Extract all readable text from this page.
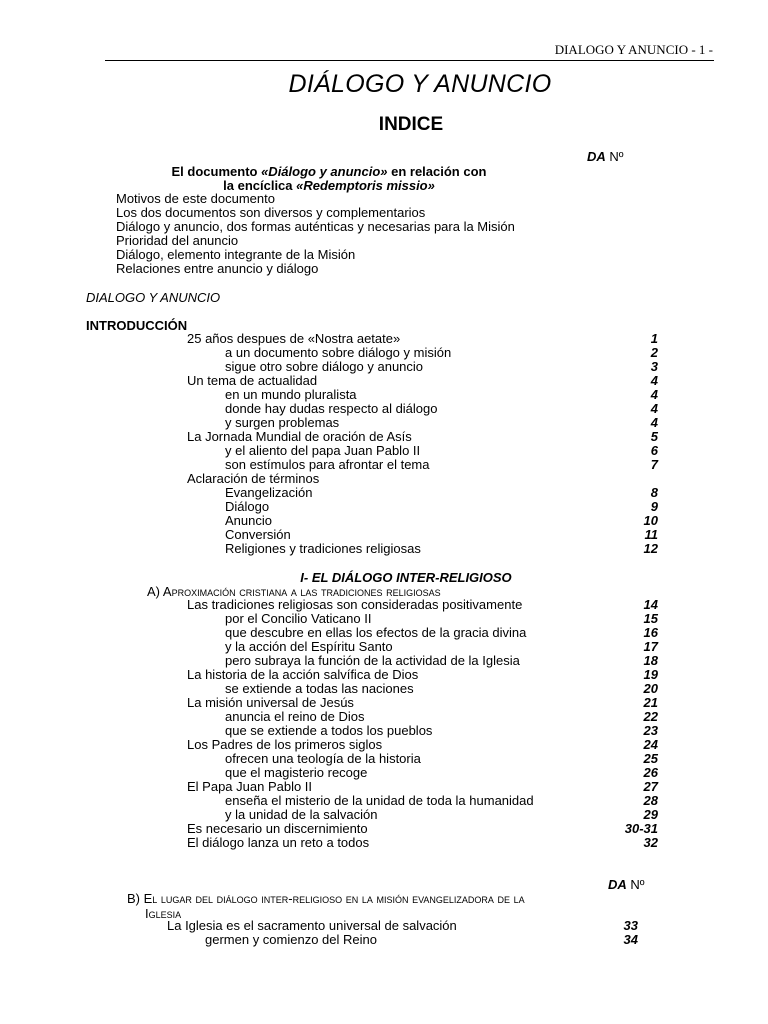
DIALOGO Y ANUNCIO - 1 -
DIÁLOGO Y ANUNCIO
INDICE
DA Nº
El documento «Diálogo y anuncio» en relación con
la encíclica «Redemptoris missio»
Motivos de este documento
Los dos documentos son diversos y complementarios
Diálogo y anuncio, dos formas auténticas y necesarias para la Misión
Prioridad del anuncio
Diálogo, elemento integrante de la Misión
Relaciones entre anuncio y diálogo
DIALOGO Y ANUNCIO
INTRODUCCIÓN
25 años despues de «Nostra aetate»	1
a un documento sobre diálogo y misión	2
sigue otro sobre diálogo y anuncio	3
Un tema de actualidad	4
en un mundo pluralista	4
donde hay dudas respecto al diálogo	4
y surgen problemas	4
La Jornada Mundial de oración de Asís	5
y el aliento del papa Juan Pablo II	6
son estímulos para afrontar el tema	7
Aclaración de términos
Evangelización	8
Diálogo	9
Anuncio	10
Conversión	11
Religiones y tradiciones religiosas	12
I- EL DIÁLOGO INTER-RELIGIOSO
A) Aproximación cristiana a las tradiciones religiosas
Las tradiciones religiosas son consideradas positivamente	14
por el Concilio Vaticano II	15
que descubre en ellas los efectos de la gracia divina	16
y la acción del Espíritu Santo	17
pero subraya la función de la actividad de la Iglesia	18
La historia de la acción salvífica de Dios	19
se extiende a todas las naciones	20
La misión universal de Jesús	21
anuncia el reino de Dios	22
que se extiende a todos los pueblos	23
Los Padres de los primeros siglos	24
ofrecen una teología de la historia	25
que el magisterio recoge	26
El Papa Juan Pablo II	27
enseña el misterio de la unidad de toda la humanidad	28
y la unidad de la salvación	29
Es necesario un discernimiento	30-31
El diálogo lanza un reto a todos	32
DA Nº
B) El lugar del diálogo inter-religioso en la misión evangelizadora de la
Iglesia
La Iglesia es el sacramento universal de salvación	33
germen y comienzo del Reino	34
